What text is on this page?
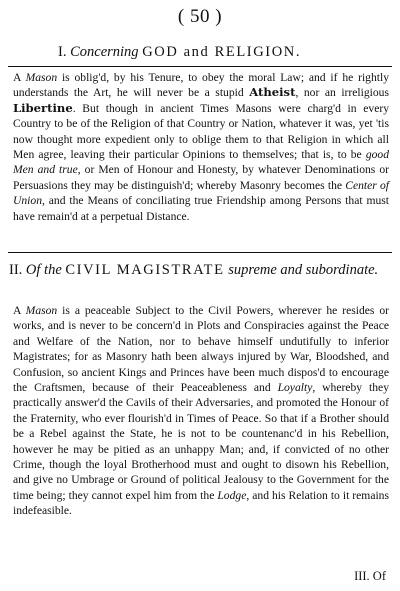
( 50 )
I. Concerning GOD and RELIGION.

A Mason is oblig'd, by his Tenure, to obey the moral Law; and if he rightly understands the Art, he will never be a stupid Atheist, nor an irreligious Libertine. But though in ancient Times Masons were charg'd in every Country to be of the Religion of that Country or Nation, whatever it was, yet 'tis now thought more expedient only to oblige them to that Religion in which all Men agree, leaving their particular Opinions to themselves; that is, to be good Men and true, or Men of Honour and Honesty, by whatever Denominations or Persuasions they may be distinguish'd; whereby Masonry becomes the Center of Union, and the Means of conciliating true Friendship among Persons that must have remain'd at a perpetual Distance.

II. Of the CIVIL MAGISTRATE supreme and subordinate.

A Mason is a peaceable Subject to the Civil Powers, wherever he resides or works, and is never to be concern'd in Plots and Conspiracies against the Peace and Welfare of the Nation, nor to behave himself undutifully to inferior Magistrates; for as Masonry hath been always injured by War, Bloodshed, and Confusion, so ancient Kings and Princes have been much dispos'd to encourage the Craftsmen, because of their Peaceableness and Loyalty, whereby they practically answer'd the Cavils of their Adversaries, and promoted the Honour of the Fraternity, who ever flourish'd in Times of Peace. So that if a Brother should be a Rebel against the State, he is not to be countenanc'd in his Rebellion, however he may be pitied as an unhappy Man; and, if convicted of no other Crime, though the loyal Brotherhood must and ought to disown his Rebellion, and give no Umbrage or Ground of political Jealousy to the Government for the time being; they cannot expel him from the Lodge, and his Relation to it remains indefeasible.

III. Of
